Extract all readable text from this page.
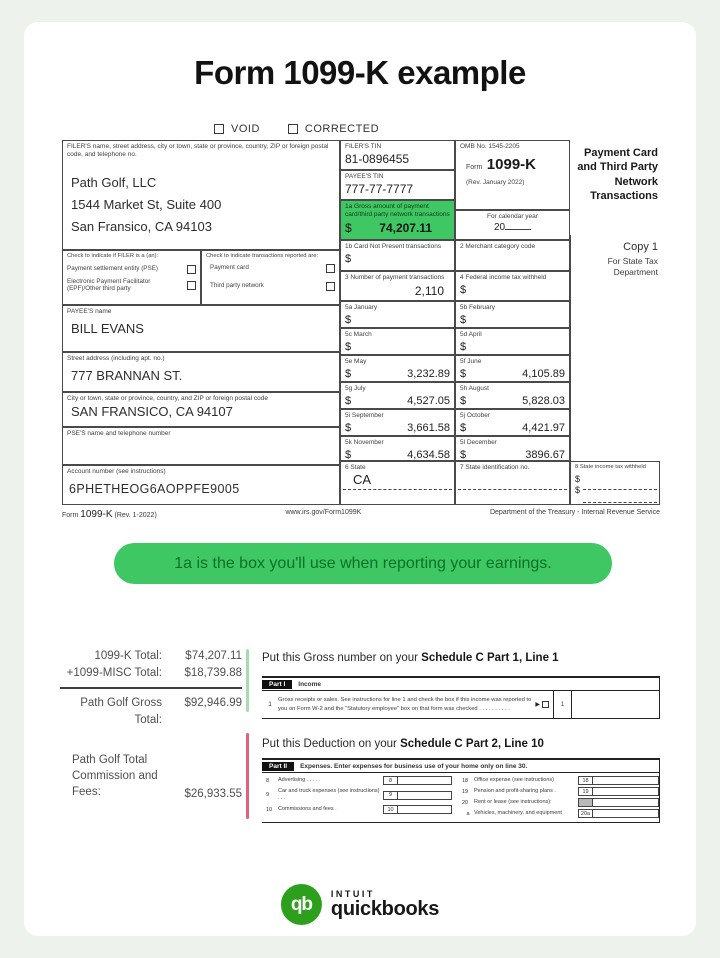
Form 1099-K example
VOID	CORRECTED
FILER'S name, street address, city or town, state or province, country, ZIP or foreign postal code, and telephone no.
Path Golf, LLC
1544 Market St, Suite 400
San Fransico, CA 94103
Check to indicate if FILER is a (an):
Payment settlement entity (PSE)
Electronic Payment Facilitator (EPF)/Other third party
Check to indicate transactions reported are:
Payment card
Third party network
PAYEE'S name
BILL EVANS
Street address (including apt. no.)
777 BRANNAN ST.
City or town, state or province, country, and ZIP or foreign postal code
SAN FRANSICO, CA 94107
PSE'S name and telephone number
Account number (see instructions)
6PHETHEOG6AOPPFE9005
FILER'S TIN
81-0896455
PAYEE'S TIN
777-77-7777
1a Gross amount of payment card/third party network transactions
$ 74,207.11
1b Card Not Present transactions
$
3 Number of payment transactions
2,110
OMB No. 1545-2205
Form 1099-K
(Rev. January 2022)
For calendar year
20
2 Merchant category code
4 Federal income tax withheld
$
5a January
$
5b February
$
5c March
$
5d April
$
5e May
$	3,232.89
5f June
$	4,105.89
5g July
$	4,527.05
5h August
$	5,828.03
5i September
$	3,661.58
5j October
$	4,421.97
5k November
$	4,634.58
5l December
$	3896.67
6 State
CA
7 State identification no.	8 State income tax withheld
$
$
Payment Card and Third Party Network Transactions
Copy 1
For State Tax
Department
Form 1099-K (Rev. 1-2022)	www.irs.gov/Form1099K	Department of the Treasury - Internal Revenue Service
1a is the box you'll use when reporting your earnings.
1099-K Total:	$74,207.11
+1099-MISC Total:	$18,739.88
Path Golf Gross Total:
$92,946.99
Path Golf Total Commission and Fees:	$26,933.55
Put this Gross number on your Schedule C Part 1, Line 1
Part I	Income
1
Gross receipts or sales. See instructions for line 1 and check the box if this income was reported to you on Form W-2 and the “Statutory employee” box on that form was checked . . . . . . . . . .
▶	1
Put this Deduction on your Schedule C Part 2, Line 10
Part II	Expenses. Enter expenses for business use of your home only on line 30.
8	Advertising . . . . .	8
9
Car and truck expenses (see instructions) . . .	9
10	Commissions and fees .	10
18	Office expense (see instructions)	18
19	Pension and profit-sharing plans .	19
20	Rent or lease (see instructions):
a Vehicles, machinery, and equipment	20a
qb	INTUIT
quickbooks
